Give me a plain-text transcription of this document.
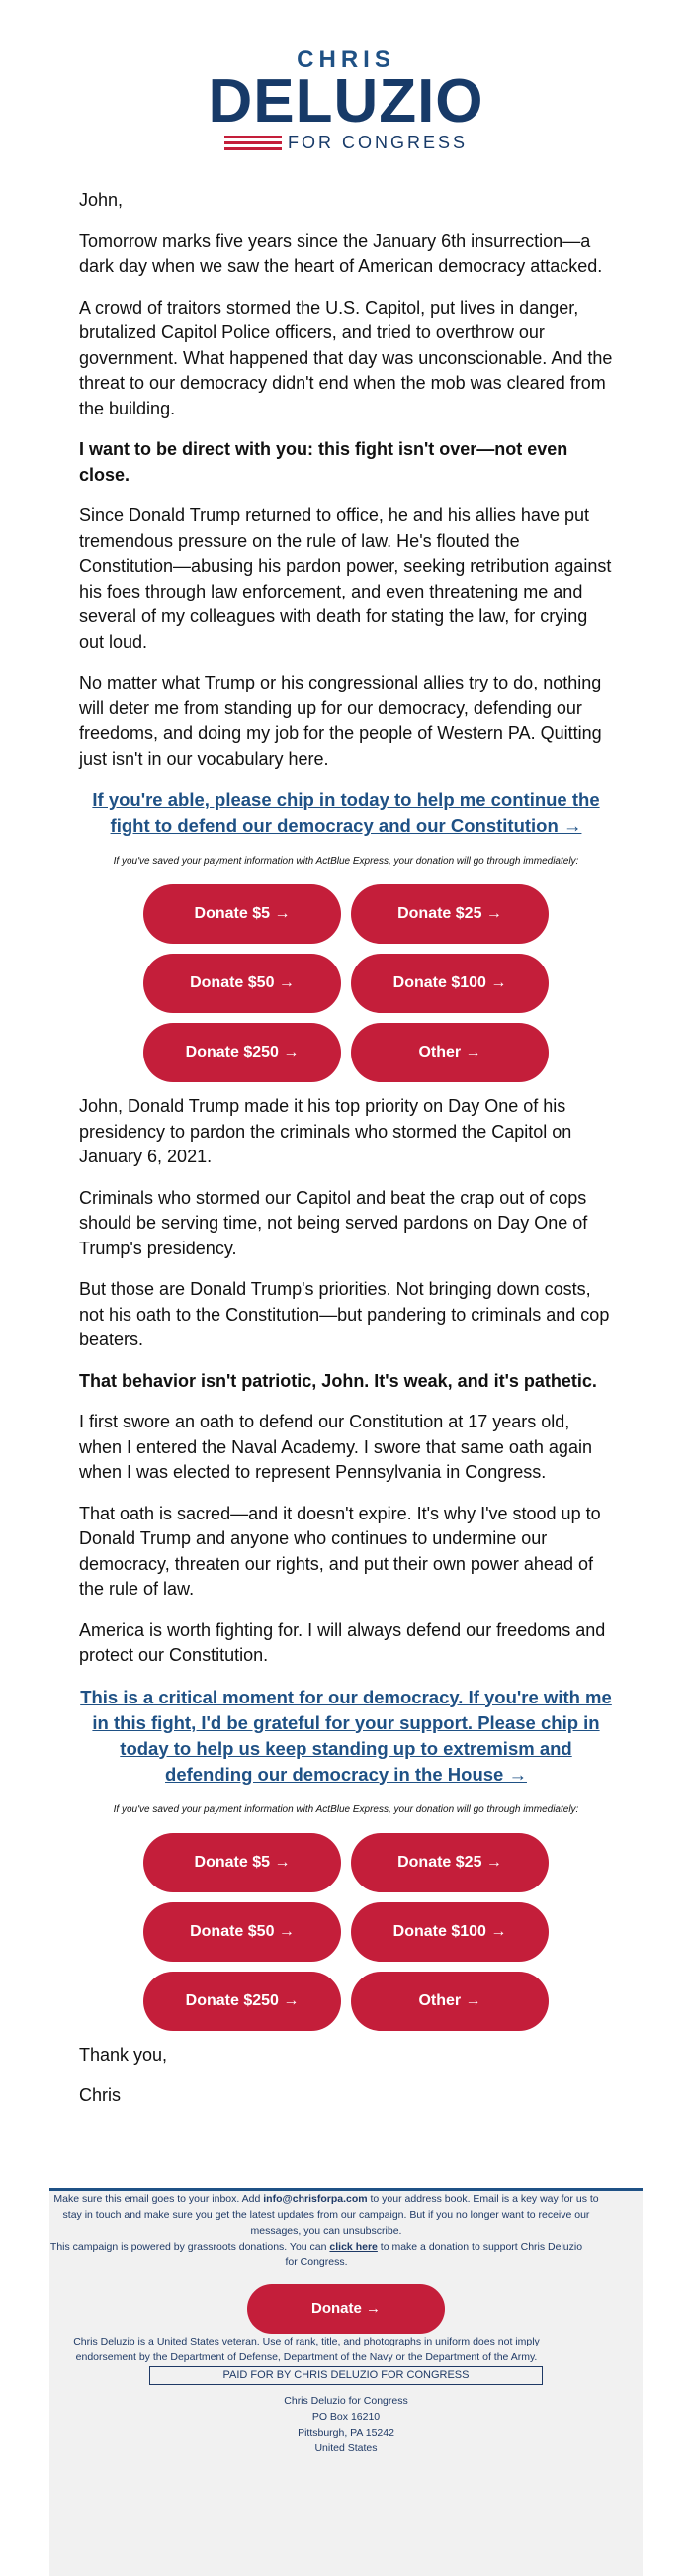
CHRIS
DELUZIO
FOR CONGRESS

John,

Tomorrow marks five years since the January 6th insurrection—a dark day when we saw the heart of American democracy attacked.

A crowd of traitors stormed the U.S. Capitol, put lives in danger, brutalized Capitol Police officers, and tried to overthrow our government. What happened that day was unconscionable. And the threat to our democracy didn't end when the mob was cleared from the building.

I want to be direct with you: this fight isn't over—not even close.

Since Donald Trump returned to office, he and his allies have put tremendous pressure on the rule of law. He's flouted the Constitution—abusing his pardon power, seeking retribution against his foes through law enforcement, and even threatening me and several of my colleagues with death for stating the law, for crying out loud.

No matter what Trump or his congressional allies try to do, nothing will deter me from standing up for our democracy, defending our freedoms, and doing my job for the people of Western PA. Quitting just isn't in our vocabulary here.

If you're able, please chip in today to help me continue the fight to defend our democracy and our Constitution →
If you've saved your payment information with ActBlue Express, your donation will go through immediately:
Donate $5 →	Donate $25 →
Donate $50 →	Donate $100 →
Donate $250 →	Other →

John, Donald Trump made it his top priority on Day One of his presidency to pardon the criminals who stormed the Capitol on January 6, 2021.

Criminals who stormed our Capitol and beat the crap out of cops should be serving time, not being served pardons on Day One of Trump's presidency.

But those are Donald Trump's priorities. Not bringing down costs, not his oath to the Constitution—but pandering to criminals and cop beaters.

That behavior isn't patriotic, John. It's weak, and it's pathetic.

I first swore an oath to defend our Constitution at 17 years old, when I entered the Naval Academy. I swore that same oath again when I was elected to represent Pennsylvania in Congress.

That oath is sacred—and it doesn't expire. It's why I've stood up to Donald Trump and anyone who continues to undermine our democracy, threaten our rights, and put their own power ahead of the rule of law.

America is worth fighting for. I will always defend our freedoms and protect our Constitution.

This is a critical moment for our democracy. If you're with me in this fight, I'd be grateful for your support. Please chip in today to help us keep standing up to extremism and defending our democracy in the House →
If you've saved your payment information with ActBlue Express, your donation will go through immediately:
Donate $5 →	Donate $25 →
Donate $50 →	Donate $100 →
Donate $250 →	Other →

Thank you,

Chris

Make sure this email goes to your inbox. Add info@chrisforpa.com to your address book. Email is a key way for us to stay in touch and make sure you get the latest updates from our campaign. But if you no longer want to receive our messages, you can unsubscribe.

This campaign is powered by grassroots donations. You can click here to make a donation to support Chris Deluzio for Congress.

Donate →

Chris Deluzio is a United States veteran. Use of rank, title, and photographs in uniform does not imply endorsement by the Department of Defense, Department of the Navy or the Department of the Army.

PAID FOR BY CHRIS DELUZIO FOR CONGRESS

Chris Deluzio for Congress

PO Box 16210

Pittsburgh, PA 15242

United States
